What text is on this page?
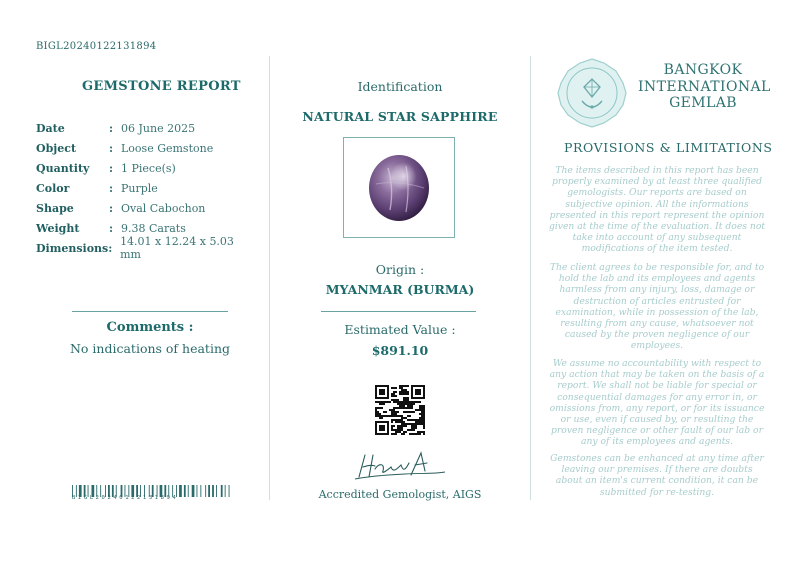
BIGL20240122131894
GEMSTONE REPORT
Date	: 06 June 2025
Object	: Loose Gemstone
Quantity	: 1 Piece(s)
Color	: Purple
Shape	: Oval Cabochon
Weight	: 9.38 Carats
Dimensions : 14.01 x 12.24 x 5.03 mm
Comments :
No indications of heating
BIGL20240122131894
Identification
NATURAL STAR SAPPHIRE
Origin :
MYANMAR (BURMA)
Estimated Value :
$891.10
Accredited Gemologist, AIGS
BANGKOK
INTERNATIONAL
GEMLAB
PROVISIONS & LIMITATIONS
The items described in this report has been properly examined by at least three qualified gemologists. Our reports are based on subjective opinion. All the informations presented in this report represent the opinion given at the time of the evaluation. It does not take into account of any subsequent modifications of the item tested.
The client agrees to be responsible for, and to hold the lab and its employees and agents harmless from any injury, loss, damage or destruction of articles entrusted for examination, while in possession of the lab, resulting from any cause, whatsoever not caused by the proven negligence of our employees.
We assume no accountability with respect to any action that may be taken on the basis of a report. We shall not be liable for special or consequential damages for any error in, or omissions from, any report, or for its issuance or use, even if caused by, or resulting the proven negligence or other fault of our lab or any of its employees and agents.
Gemstones can be enhanced at any time after leaving our premises. If there are doubts about an item's current condition, it can be submitted for re-testing.
